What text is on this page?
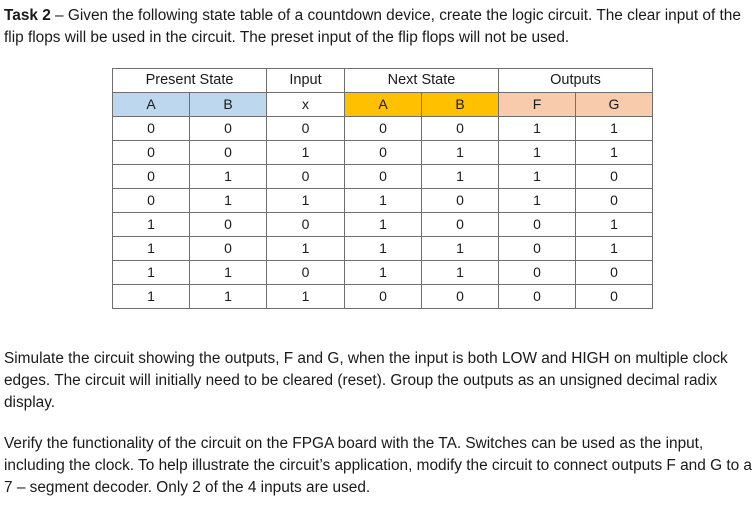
Task 2 – Given the following state table of a countdown device, create the logic circuit. The clear input of the flip flops will be used in the circuit. The preset input of the flip flops will not be used.

Present State		Input	Next State		Outputs	
A	B	x	A	B	F	G
0	0	0	0	0	1	1
0	0	1	0	1	1	1
0	1	0	0	1	1	0
0	1	1	1	0	1	0
1	0	0	1	0	0	1
1	0	1	1	1	0	1
1	1	0	1	1	0	0
1	1	1	0	0	0	0

Simulate the circuit showing the outputs, F and G, when the input is both LOW and HIGH on multiple clock edges. The circuit will initially need to be cleared (reset). Group the outputs as an unsigned decimal radix display.

Verify the functionality of the circuit on the FPGA board with the TA. Switches can be used as the input, including the clock. To help illustrate the circuit’s application, modify the circuit to connect outputs F and G to a 7 – segment decoder. Only 2 of the 4 inputs are used.
